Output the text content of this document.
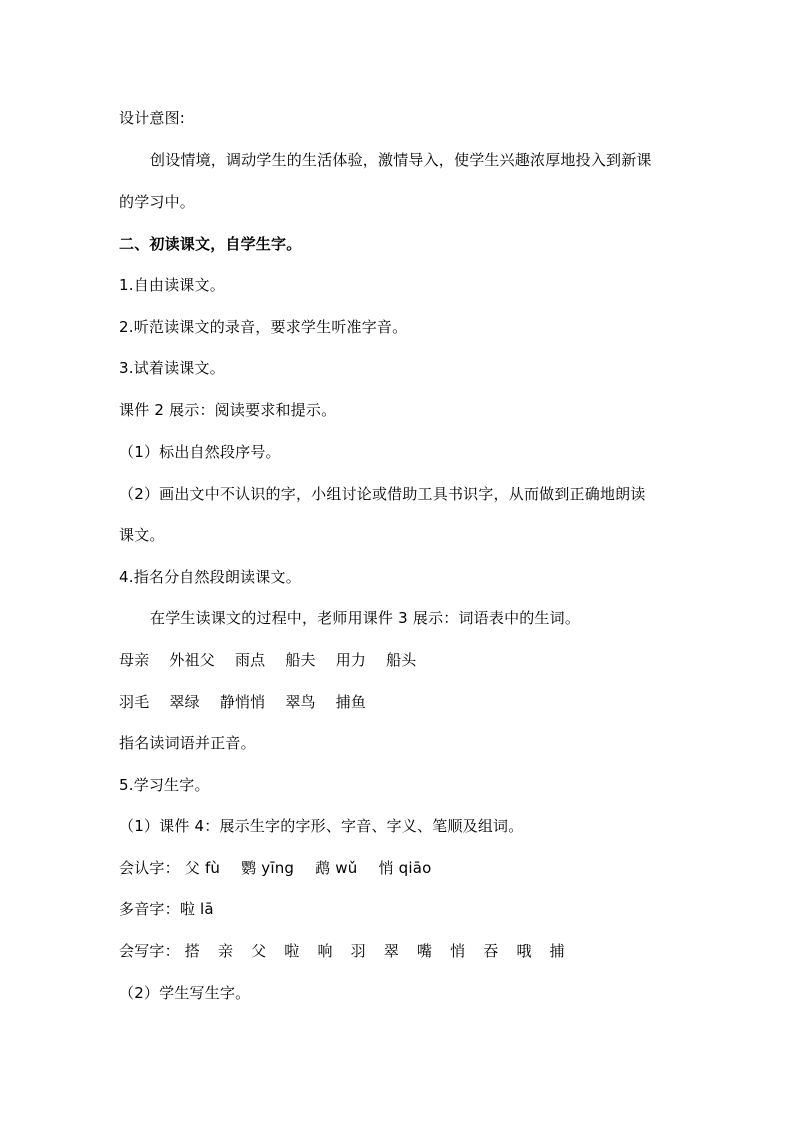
设计意图:
创设情境，调动学生的生活体验，激情导入，使学生兴趣浓厚地投入到新课
的学习中。
二、初读课文，自学生字。
1.自由读课文。
2.听范读课文的录音，要求学生听准字音。
3.试着读课文。
课件 2 展示：阅读要求和提示。
（1）标出自然段序号。
（2）画出文中不认识的字，小组讨论或借助工具书识字，从而做到正确地朗读
课文。
4.指名分自然段朗读课文。
在学生读课文的过程中，老师用课件 3 展示：词语表中的生词。
母亲 外祖父 雨点 船夫 用力 船头
羽毛 翠绿 静悄悄 翠鸟 捕鱼
指名读词语并正音。
5.学习生字。
（1）课件 4：展示生字的字形、字音、字义、笔顺及组词。
会认字： 父 fù 鹦 yīng 鹉 wǔ 悄 qiāo
多音字：啦 lā
会写字： 搭 亲 父 啦 响 羽 翠 嘴 悄 吞 哦 捕
（2）学生写生字。
